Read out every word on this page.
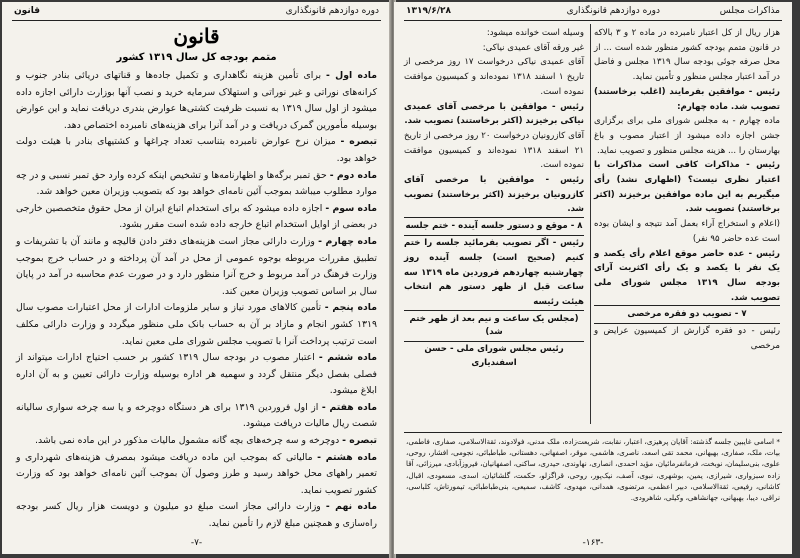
دوره دوازدهم قانونگذاری
قانون
قانون
متمم بودجه کل سال ۱۳۱۹ کشور

ماده اول - برای تأمین هزینه نگاهداری و تکمیل جاده‌ها و قناتهای دریائی بنادر جنوب و کرانه‌های نوراتی و غیر نوراتی و استهلاک سرمایه خرید و نصب آنها بوزارت دارائی اجازه داده میشود از اول سال ۱۳۱۹ به نسبت ظرفیت کشتی‌ها عوارض بندری دریافت نماید و این عوارض بوسیله مأمورین گمرک دریافت و در آمد آنرا برای هزینه‌های نامبرده اختصاص دهد.

تبصره - میزان نرخ عوارض نامبرده بتناسب تعداد چراغها و کشتیهای بنادر با هیئت دولت خواهد بود.

ماده دوم - حق تمبر برگه‌ها و اظهارنامه‌ها و تشخیص اینکه کرده وارد حق تمبر نسبی و در چه موارد مطلوب میباشد بموجب آئین نامه‌ای خواهد بود که بتصویب وزیران معین خواهد شد.

ماده سوم - اجازه داده میشود که برای استخدام اتباع ایران از محل حقوق متخصصین خارجی در بعضی از اوایل استخدام اتباع خارجه داده شده است مقرر بشود.

ماده چهارم - وزارت دارائی مجاز است هزینه‌های دفتر دادن قالیچه و مانند آن با تشریفات و تطبیق مقررات مربوطه بوجوه عمومی از محل در آمد آن پرداخته و در حساب خرج بموجب وزارت فرهنگ در آمد مربوط و خرج آنرا منظور دارد و در صورت عدم محاسبه در آمد در پایان سال بر اساس تصویب وزیران معین کند.

ماده پنجم - تأمین کالاهای مورد نیاز و سایر ملزومات ادارات از محل اعتبارات مصوب سال ۱۳۱۹ کشور انجام و مازاد بر آن به حساب بانک ملی منظور میگردد و وزارت دارائی مکلف است ترتیب پرداخت آنرا با تصویب مجلس شورای ملی معین نماید.

ماده ششم - اعتبار مصوب در بودجه سال ۱۳۱۹ کشور بر حسب احتیاج ادارات میتواند از فصلی بفصل دیگر منتقل گردد و سهمیه هر اداره بوسیله وزارت دارائی تعیین و به آن اداره ابلاغ میشود.

ماده هفتم - از اول فروردین ۱۳۱۹ برای هر دستگاه دوچرخه و یا سه چرخه سواری سالیانه شصت ریال مالیات دریافت میشود.

تبصره - دوچرخه و سه چرخه‌های بچه گانه مشمول مالیات مذکور در این ماده نمی باشد.

ماده هشتم - مالیاتی که بموجب این ماده دریافت میشود بمصرف هزینه‌های شهرداری و تعمیر راههای محل خواهد رسید و طرز وصول آن بموجب آئین نامه‌ای خواهد بود که وزارت کشور تصویب نماید.

ماده نهم - وزارت دارائی مجاز است مبلغ دو میلیون و دویست هزار ریال کسر بودجه راه‌سازی و همچنین مبلغ لازم را تأمین نماید.

-۷-
مذاکرات مجلس
دوره دوازدهم قانونگذاری
۱۳۱۹/۶/۲۸

هزار ریال از کل اعتبار نامبرده در ماده ۲ و ۳ بالاکه در قانون متمم بودجه کشور منظور شده است ... از محل صرفه جوئی بودجه سال ۱۳۱۹ مجلس و فاضل در آمد اعتبار مجلس منظور و تأمین نماید.

رئیس - موافقین بفرمایند (اغلب برخاستند) تصویب شد. ماده چهارم:

ماده چهارم - به مجلس شورای ملی برای برگزاری جشن اجازه داده میشود از اعتبار مصوب و باغ بهارستان را ... هزینه مجلس منظور و تصویب نماید.

رئیس - مذاکرات کافی است مذاکرات با اعتبار نظری نیست؟ (اظهاری نشد) رأی میگیریم به این ماده موافقین برخیزند (اکثر برخاستند) تصویب شد.

(اعلام و استخراج آراء بعمل آمد نتیجه و ایشان بوده است عده حاضر ۹۵ نفر)

رئیس - عده حاضر موقع اعلام رأی یکصد و یک نفر با یکصد و یک رأی اکثریت آرای بودجه سال ۱۳۱۹ مجلس شورای ملی تصویب شد.

۷ - تصویب دو فقره مرخصی

رئیس - دو فقره گزارش از کمیسیون عرایض و مرخصی

وسیله است خوانده میشود:

غیر ورقه آقای عمیدی نیاکی:

آقای عمیدی نیاکی درخواست ۱۷ روز مرخصی از تاریخ ۱ اسفند ۱۳۱۸ نموده‌اند و کمیسیون موافقت نموده است.

رئیس - موافقین با مرخصی آقای عمیدی نیاکی برخیزند (اکثر برخاستند) تصویب شد.

آقای کازرونیان درخواست ۲۰ روز مرخصی از تاریخ ۲۱ اسفند ۱۳۱۸ نموده‌اند و کمیسیون موافقت نموده است.

رئیس - موافقین با مرخصی آقای کازرونیان برخیزند (اکثر برخاستند) تصویب شد.

۸ - موقع و دستور جلسه آینده - ختم جلسه

رئیس - اگر تصویب بفرمائید جلسه را ختم کنیم (صحیح است) جلسه آینده روز چهارشنبه چهاردهم فروردین ماه ۱۳۱۹ سه ساعت قبل از ظهر دستور هم انتخاب هیئت رئیسه

(مجلس یک ساعت و نیم بعد از ظهر ختم شد)

رئیس مجلس شورای ملی - حسن اسفندیاری

* اسامی غایبین جلسه گذشته: آقایان پرهیزی، اعتبار، نقابت، شریعت‌زاده، ملک مدنی، فولادوند، ثقة‌الاسلامی، صفاری، فاطمی، بیات، ملک، صفاری، بهبهانی، محمد تقی اسعد، ناصری، هاشمی، موقر، اصفهانی، دهستانی، طباطبائی، نجومی، افشار، روحی، علوی، بنی‌سلیمان، نوبخت، فرمانفرمائیان، مؤید احمدی، انصاری، نهاوندی، حیدری، ساکنی، اصفهانیان، فیروزآبادی، میرزائی، آقا زاده سبزواری، شیرازی، یمین، بوشهری، نبوی، آصف، نیک‌پور، روحی، قراگزلو، حکمت، گلشائیان، اسدی، مسعودی، اقبال، کاشانی، رفیعی، ثقة‌الاسلامی، دبیر اعظمی، مرتضوی، همدانی، مهدوی، کاشف، سمیعی، بنی‌طباطبائی، تیمورتاش، کلباسی، نراقی، دیبا، بهبهانی، جهانشاهی، وکیلی، شاهرودی.
-۱۶۳-
